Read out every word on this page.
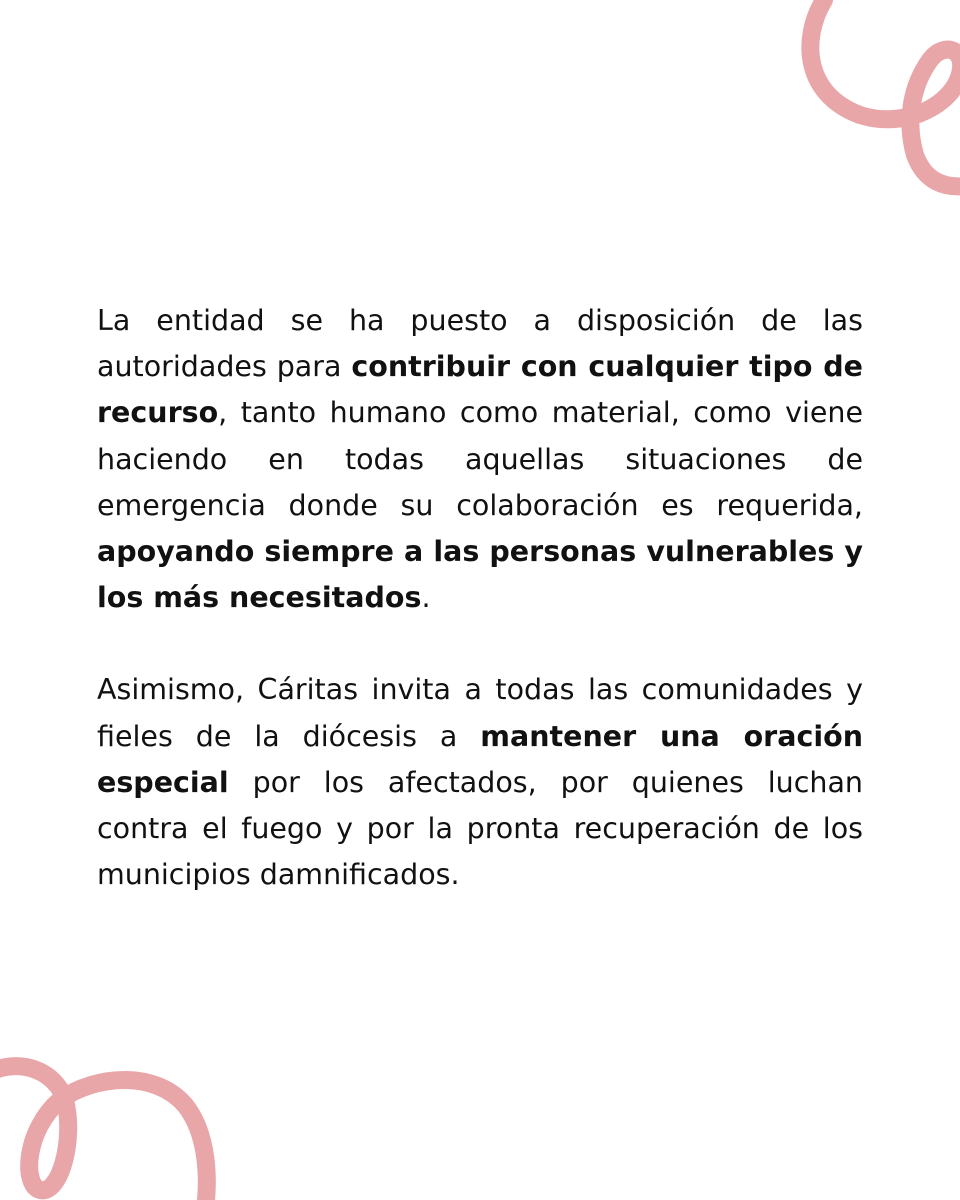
La entidad se ha puesto a disposición de las autoridades para contribuir con cualquier tipo de recurso, tanto humano como material, como viene haciendo en todas aquellas situaciones de emergencia donde su colaboración es requerida, apoyando siempre a las personas vulnerables y los más necesitados.

Asimismo, Cáritas invita a todas las comunidades y fieles de la diócesis a mantener una oración especial por los afectados, por quienes luchan contra el fuego y por la pronta recuperación de los municipios damnificados.
